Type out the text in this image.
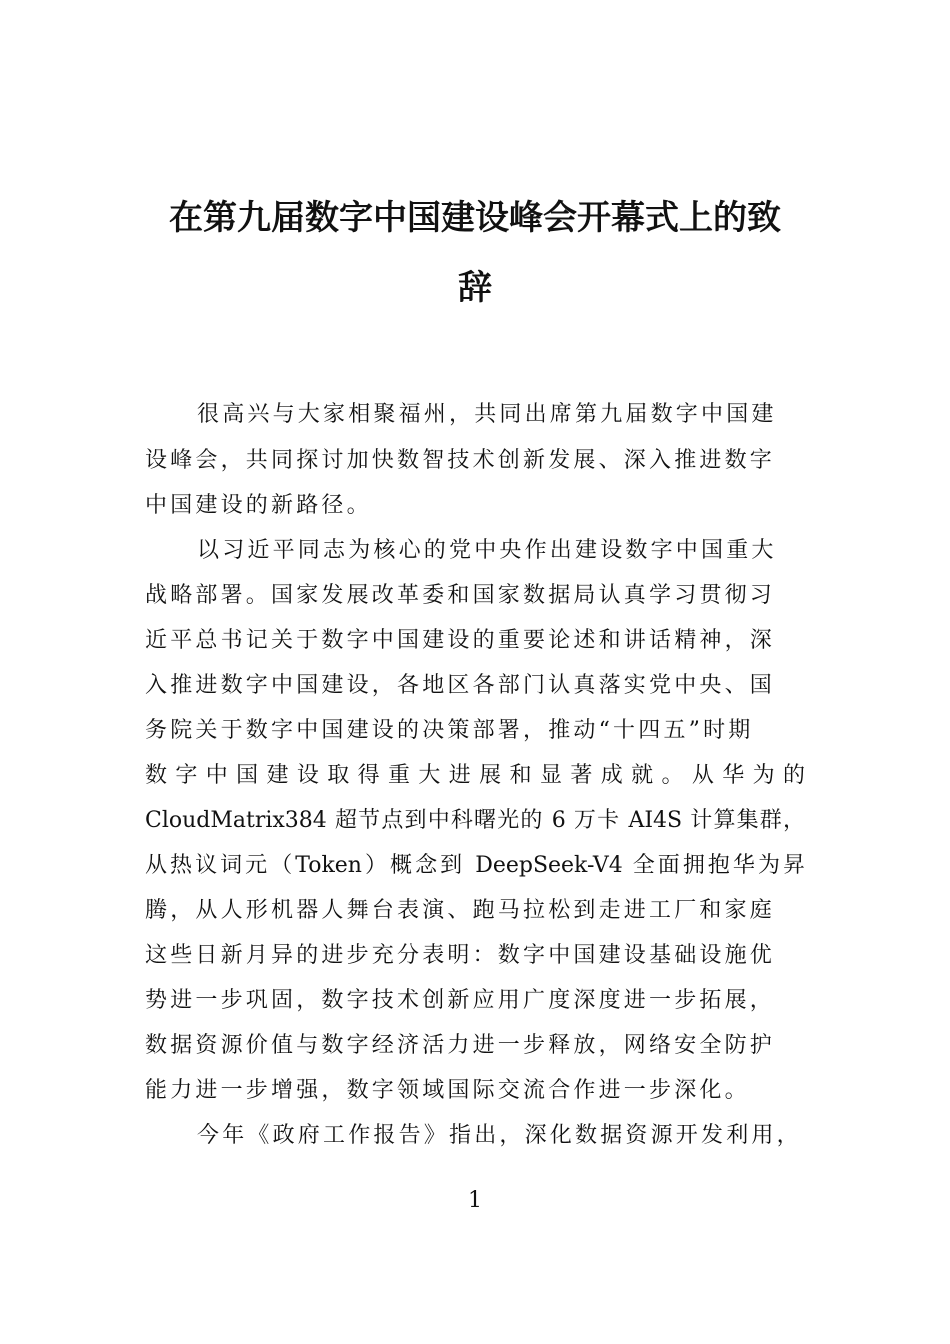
在第九届数字中国建设峰会开幕式上的致
辞
很高兴与大家相聚福州，共同出席第九届数字中国建
设峰会，共同探讨加快数智技术创新发展、深入推进数字
中国建设的新路径。
以习近平同志为核心的党中央作出建设数字中国重大
战略部署。国家发展改革委和国家数据局认真学习贯彻习
近平总书记关于数字中国建设的重要论述和讲话精神，深
入推进数字中国建设，各地区各部门认真落实党中央、国
务院关于数字中国建设的决策部署，推动“十四五”时期
数字中国建设取得重大进展和显著成就。从华为的
CloudMatrix384 超节点到中科曙光的 6 万卡 AI4S 计算集群，
从热议词元（Token）概念到 DeepSeek-V4 全面拥抱华为昇
腾，从人形机器人舞台表演、跑马拉松到走进工厂和家庭
这些日新月异的进步充分表明：数字中国建设基础设施优
势进一步巩固，数字技术创新应用广度深度进一步拓展，
数据资源价值与数字经济活力进一步释放，网络安全防护
能力进一步增强，数字领域国际交流合作进一步深化。
今年《政府工作报告》指出，深化数据资源开发利用，
1
